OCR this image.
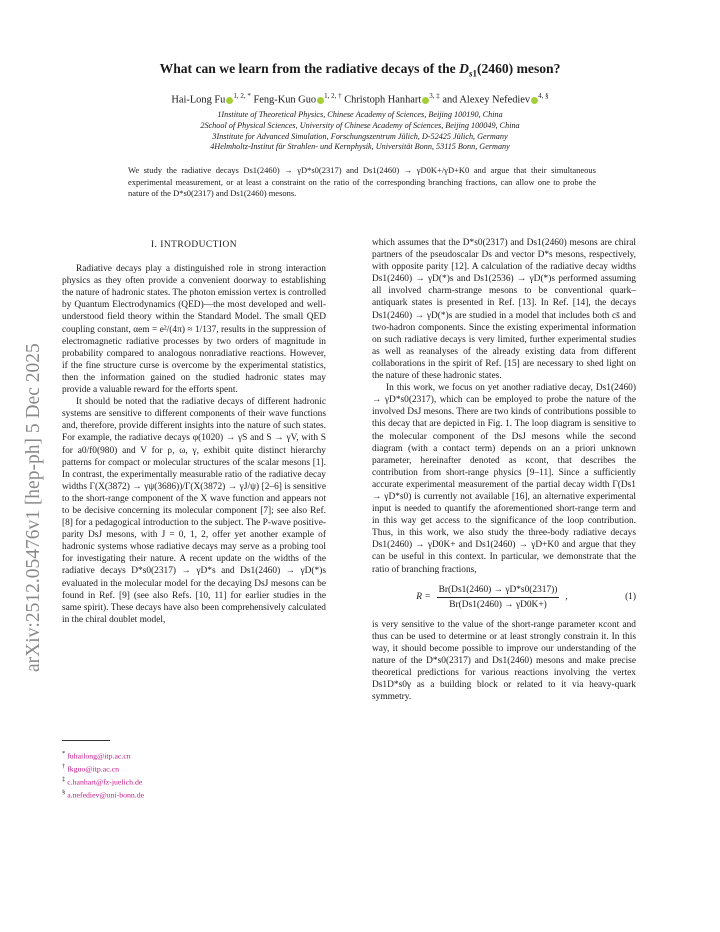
arXiv:2512.05476v1 [hep-ph] 5 Dec 2025
What can we learn from the radiative decays of the $D_{s1}(2460)$ meson?
Hai-Long Fu $^{1, 2, *}$ Feng-Kun Guo $^{1, 2, \dagger}$ Christoph Hanhart $^{3, \ddagger}$ and Alexey Nefediev $^{4, \S}$
1Institute of Theoretical Physics, Chinese Academy of Sciences, Beijing 100190, China
2School of Physical Sciences, University of Chinese Academy of Sciences, Beijing 100049, China
3Institute for Advanced Simulation, Forschungszentrum Jülich, D-52425 Jülich, Germany
4Helmholtz-Institut für Strahlen- und Kernphysik, Universität Bonn, 53115 Bonn, Germany
We study the radiative decays Ds1(2460) → γD*s0(2317) and Ds1(2460) → γD0K+/γD+K0 and argue that their simultaneous experimental measurement, or at least a constraint on the ratio of the corresponding branching fractions, can allow one to probe the nature of the D*s0(2317) and Ds1(2460) mesons.
I. INTRODUCTION

Radiative decays play a distinguished role in strong interaction physics as they often provide a convenient doorway to establishing the nature of hadronic states. The photon emission vertex is controlled by Quantum Electrodynamics (QED)—the most developed and well-understood field theory within the Standard Model. The small QED coupling constant, αem = e²/(4π) ≈ 1/137, results in the suppression of electromagnetic radiative processes by two orders of magnitude in probability compared to analogous nonradiative reactions. However, if the fine structure curse is overcome by the experimental statistics, then the information gained on the studied hadronic states may provide a valuable reward for the efforts spent.

It should be noted that the radiative decays of different hadronic systems are sensitive to different components of their wave functions and, therefore, provide different insights into the nature of such states. For example, the radiative decays φ(1020) → γS and S → γV, with S for a0/f0(980) and V for ρ, ω, γ, exhibit quite distinct hierarchy patterns for compact or molecular structures of the scalar mesons [1]. In contrast, the experimentally measurable ratio of the radiative decay widths Γ(X(3872) → γψ(3686))/Γ(X(3872) → γJ/ψ) [2–6] is sensitive to the short-range component of the X wave function and appears not to be decisive concerning its molecular component [7]; see also Ref. [8] for a pedagogical introduction to the subject. The P-wave positive-parity DsJ mesons, with J = 0, 1, 2, offer yet another example of hadronic systems whose radiative decays may serve as a probing tool for investigating their nature. A recent update on the widths of the radiative decays D*s0(2317) → γD*s and Ds1(2460) → γD(*)s evaluated in the molecular model for the decaying DsJ mesons can be found in Ref. [9] (see also Refs. [10, 11] for earlier studies in the same spirit). These decays have also been comprehensively calculated in the chiral doublet model,

which assumes that the D*s0(2317) and Ds1(2460) mesons are chiral partners of the pseudoscalar Ds and vector D*s mesons, respectively, with opposite parity [12]. A calculation of the radiative decay widths Ds1(2460) → γD(*)s and Ds1(2536) → γD(*)s performed assuming all involved charm-strange mesons to be conventional quark–antiquark states is presented in Ref. [13]. In Ref. [14], the decays Ds1(2460) → γD(*)s are studied in a model that includes both cs̄ and two-hadron components. Since the existing experimental information on such radiative decays is very limited, further experimental studies as well as reanalyses of the already existing data from different collaborations in the spirit of Ref. [15] are necessary to shed light on the nature of these hadronic states.

In this work, we focus on yet another radiative decay, Ds1(2460) → γD*s0(2317), which can be employed to probe the nature of the involved DsJ mesons. There are two kinds of contributions possible to this decay that are depicted in Fig. 1. The loop diagram is sensitive to the molecular component of the DsJ mesons while the second diagram (with a contact term) depends on an a priori unknown parameter, hereinafter denoted as κcont, that describes the contribution from short-range physics [9–11]. Since a sufficiently accurate experimental measurement of the partial decay width Γ(Ds1 → γD*s0) is currently not available [16], an alternative experimental input is needed to quantify the aforementioned short-range term and in this way get access to the significance of the loop contribution. Thus, in this work, we also study the three-body radiative decays Ds1(2460) → γD0K+ and Ds1(2460) → γD+K0 and argue that they can be useful in this context. In particular, we demonstrate that the ratio of branching fractions,

$R = \frac{Br(Ds1(2460) \to \gamma D*s0(2317))}{Br(Ds1(2460) \to \gamma D0K+)}$ ,	(1)

is very sensitive to the value of the short-range parameter κcont and thus can be used to determine or at least strongly constrain it. In this way, it should become possible to improve our understanding of the nature of the D*s0(2317) and Ds1(2460) mesons and make precise theoretical predictions for various reactions involving the vertex Ds1D*s0γ as a building block or related to it via heavy-quark symmetry.

* fuhailong@itp.ac.cn
† fkguo@itp.ac.cn
‡ c.hanhart@fz-juelich.de
§ a.nefediev@uni-bonn.de
